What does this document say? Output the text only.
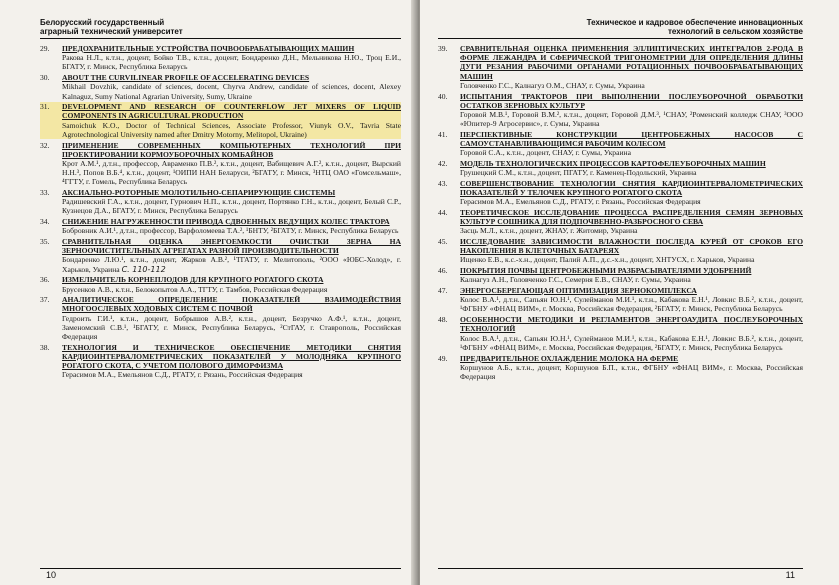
Белорусский государственный
аграрный технический университет
29.	ПРЕДОХРАНИТЕЛЬНЫЕ УСТРОЙСТВА ПОЧВООБРАБАТЫВАЮЩИХ МАШИН
Ракова Н.Л., к.т.н., доцент, Бойко Т.В., к.т.н., доцент, Бондаренко Д.Н., Мельникова Н.Ю., Троц Е.И., БГАТУ, г. Минск, Республика Беларусь
30.	ABOUT THE CURVILINEAR PROFILE OF ACCELERATING DEVICES
Mikhail Dovzhik, candidate of sciences, docent, Chyrva Andrew, candidate of sciences, docent, Alexey Kalnaguz, Sumy National Agrarian University, Sumy, Ukraine
31.	DEVELOPMENT AND RESEARCH OF COUNTERFLOW JET MIXERS OF LIQUID COMPONENTS IN AGRICULTURAL PRODUCTION
Samoichuk K.O., Doctor of Technical Sciences, Associate Professor, Viunyk O.V., Tavria State Agrotechnological University named after Dmitry Motorny, Melitopol, Ukraine)
32.	ПРИМЕНЕНИЕ СОВРЕМЕННЫХ КОМПЬЮТЕРНЫХ ТЕХНОЛОГИЙ ПРИ ПРОЕКТИРОВАНИИ КОРМОУБОРОЧНЫХ КОМБАЙНОВ
Крот А.М.¹, д.т.н., профессор, Авраменко П.В.², к.т.н., доцент, Вабищевич А.Г.², к.т.н., доцент, Вырский Н.Н.³, Попов В.Б.⁴, к.т.н., доцент, ¹ОИПИ НАН Беларуси, ²БГАТУ, г. Минск, ³НТЦ ОАО «Гомсельмаш», ⁴ГГТУ, г. Гомель, Республика Беларусь
33.	АКСИАЛЬНО-РОТОРНЫЕ МОЛОТИЛЬНО-СЕПАРИРУЮЩИЕ СИСТЕМЫ
Радишевский Г.А., к.т.н., доцент, Гурнович Н.П., к.т.н., доцент, Портянко Г.Н., к.т.н., доцент, Белый С.Р., Кузнецов Д.А., БГАТУ, г. Минск, Республика Беларусь
34.	СНИЖЕНИЕ НАГРУЖЕННОСТИ ПРИВОДА СДВОЕННЫХ ВЕДУЩИХ КОЛЕС ТРАКТОРА
Бобровник А.И.¹, д.т.н., профессор, Варфоломеева Т.А.², ¹БНТУ, ²БГАТУ, г. Минск, Республика Беларусь
35.	СРАВНИТЕЛЬНАЯ ОЦЕНКА ЭНЕРГОЕМКОСТИ ОЧИСТКИ ЗЕРНА НА ЗЕРНООЧИСТИТЕЛЬНЫХ АГРЕГАТАХ РАЗНОЙ ПРОИЗВОДИТЕЛЬНОСТИ
Бондаренко Л.Ю.¹, к.т.н., доцент, Жарков А.В.², ¹ТГАТУ, г. Мелитополь, ²ООО «ЮБС-Холод», г. Харьков, Украина С. 110-112
36.	ИЗМЕЛЬЧИТЕЛЬ КОРНЕПЛОДОВ ДЛЯ КРУПНОГО РОГАТОГО СКОТА
Брусенков А.В., к.т.н., Белокопытов А.А., ТГТУ, г. Тамбов, Российская Федерация
37.	АНАЛИТИЧЕСКОЕ ОПРЕДЕЛЕНИЕ ПОКАЗАТЕЛЕЙ ВЗАИМОДЕЙСТВИЯ МНОГООСЛЕВЫХ ХОДОВЫХ СИСТЕМ С ПОЧВОЙ
Гедроить Г.И.¹, к.т.н., доцент, Бобрышов А.В.², к.т.н., доцент, Безручко А.Ф.¹, к.т.н., доцент, Заменомский С.В.¹, ¹БГАТУ, г. Минск, Республика Беларусь, ²СтГАУ, г. Ставрополь, Российская Федерация
38.	ТЕХНОЛОГИЯ И ТЕХНИЧЕСКОЕ ОБЕСПЕЧЕНИЕ МЕТОДИКИ СНЯТИЯ КАРДИОИНТЕРВАЛОМЕТРИЧЕСКИХ ПОКАЗАТЕЛЕЙ У МОЛОДНЯКА КРУПНОГО РОГАТОГО СКОТА, С УЧЕТОМ ПОЛОВОГО ДИМОРФИЗМА
Герасимов М.А., Емельянов С.Д., РГАТУ, г. Рязань, Российская Федерация
10
Техническое и кадровое обеспечение инновационных
технологий в сельском хозяйстве
39.	СРАВНИТЕЛЬНАЯ ОЦЕНКА ПРИМЕНЕНИЯ ЭЛЛИПТИЧЕСКИХ ИНТЕГРАЛОВ 2-РОДА В ФОРМЕ ЛЕЖАНДРА И СФЕРИЧЕСКОЙ ТРИГОНОМЕТРИИ ДЛЯ ОПРЕДЕЛЕНИЯ ДЛИНЫ ДУГИ РЕЗАНИЯ РАБОЧИМИ ОРГАНАМИ РОТАЦИОННЫХ ПОЧВООБРАБАТЫВАЮЩИХ МАШИН
Головченко Г.С., Калнагуз О.М., СНАУ, г. Сумы, Украина
40.	ИСПЫТАНИЯ ТРАКТОРОВ ПРИ ВЫПОЛНЕНИИ ПОСЛЕУБОРОЧНОЙ ОБРАБОТКИ ОСТАТКОВ ЗЕРНОВЫХ КУЛЬТУР
Горовой М.В.¹, Горовой В.М.², к.т.н., доцент, Горовой Д.М.³, ¹СНАУ, ²Роменский колледж СНАУ, ³ООО «Юпитер-9 Агросервис», г. Сумы, Украина
41.	ПЕРСПЕКТИВНЫЕ КОНСТРУКЦИИ ЦЕНТРОБЕЖНЫХ НАСОСОВ С САМОУСТАНАВЛИВАЮЩИМСЯ РАБОЧИМ КОЛЕСОМ
Горовой С.А., к.т.н., доцент, СНАУ, г. Сумы, Украина
42.	МОДЕЛЬ ТЕХНОЛОГИЧЕСКИХ ПРОЦЕССОВ КАРТОФЕЛЕУБОРОЧНЫХ МАШИН
Грушецкий С.М., к.т.н., доцент, ПГАТУ, г. Каменец-Подольский, Украина
43.	СОВЕРШЕНСТВОВАНИЕ ТЕХНОЛОГИИ СНЯТИЯ КАРДИОИНТЕРВАЛОМЕТРИЧЕСКИХ ПОКАЗАТЕЛЕЙ У ТЕЛОЧЕК КРУПНОГО РОГАТОГО СКОТА
Герасимов М.А., Емельянов С.Д., РГАТУ, г. Рязань, Российская Федерация
44.	ТЕОРЕТИЧЕСКОЕ ИССЛЕДОВАНИЕ ПРОЦЕССА РАСПРЕДЕЛЕНИЯ СЕМЯН ЗЕРНОВЫХ КУЛЬТУР СОШНИКА ДЛЯ ПОДПОЧВЕННО-РАЗБРОСНОГО СЕВА
Засць М.Л., к.т.н., доцент, ЖНАУ, г. Житомир, Украина
45.	ИССЛЕДОВАНИЕ ЗАВИСИМОСТИ ВЛАЖНОСТИ ПОСЛЕДА КУРЕЙ ОТ СРОКОВ ЕГО НАКОПЛЕНИЯ В КЛЕТОЧНЫХ БАТАРЕЯХ
Ищенко Е.В., к.с.-х.н., доцент, Палий А.П., д.с.-х.н., доцент, ХНТУСХ, г. Харьков, Украина
46.	ПОКРЫТИЯ ПОЧВЫ ЦЕНТРОБЕЖНЫМИ РАЗБРАСЫВАТЕЛЯМИ УДОБРЕНИЙ
Калнагуз А.Н., Головченко Г.С., Семерня Е.В., СНАУ, г. Сумы, Украина
47.	ЭНЕРГОСБЕРЕГАЮЩАЯ ОПТИМИЗАЦИЯ ЗЕРНОКОМПЛЕКСА
Колос В.А.¹, д.т.н., Сапьян Ю.Н.¹, Сулейманов М.И.¹, к.т.н., Кабакова Е.Н.¹, Ловкис В.Б.², к.т.н., доцент, ¹ФГБНУ «ФНАЦ ВИМ», г. Москва, Российская Федерация, ²БГАТУ, г. Минск, Республика Беларусь
48.	ОСОБЕННОСТИ МЕТОДИКИ И РЕГЛАМЕНТОВ ЭНЕРГОАУДИТА ПОСЛЕУБОРОЧНЫХ ТЕХНОЛОГИЙ
Колос В.А.¹, д.т.н., Сапьян Ю.Н.¹, Сулейманов М.И.¹, к.т.н., Кабакова Е.Н.¹, Ловкис В.Б.², к.т.н., доцент, ¹ФГБНУ «ФНАЦ ВИМ», г. Москва, Российская Федерация, ²БГАТУ, г. Минск, Республика Беларусь
49.	ПРЕДВАРИТЕЛЬНОЕ ОХЛАЖДЕНИЕ МОЛОКА НА ФЕРМЕ
Коршунов А.Б., к.т.н., доцент, Коршунов Б.П., к.т.н., ФГБНУ «ФНАЦ ВИМ», г. Москва, Российская Федерация
11
